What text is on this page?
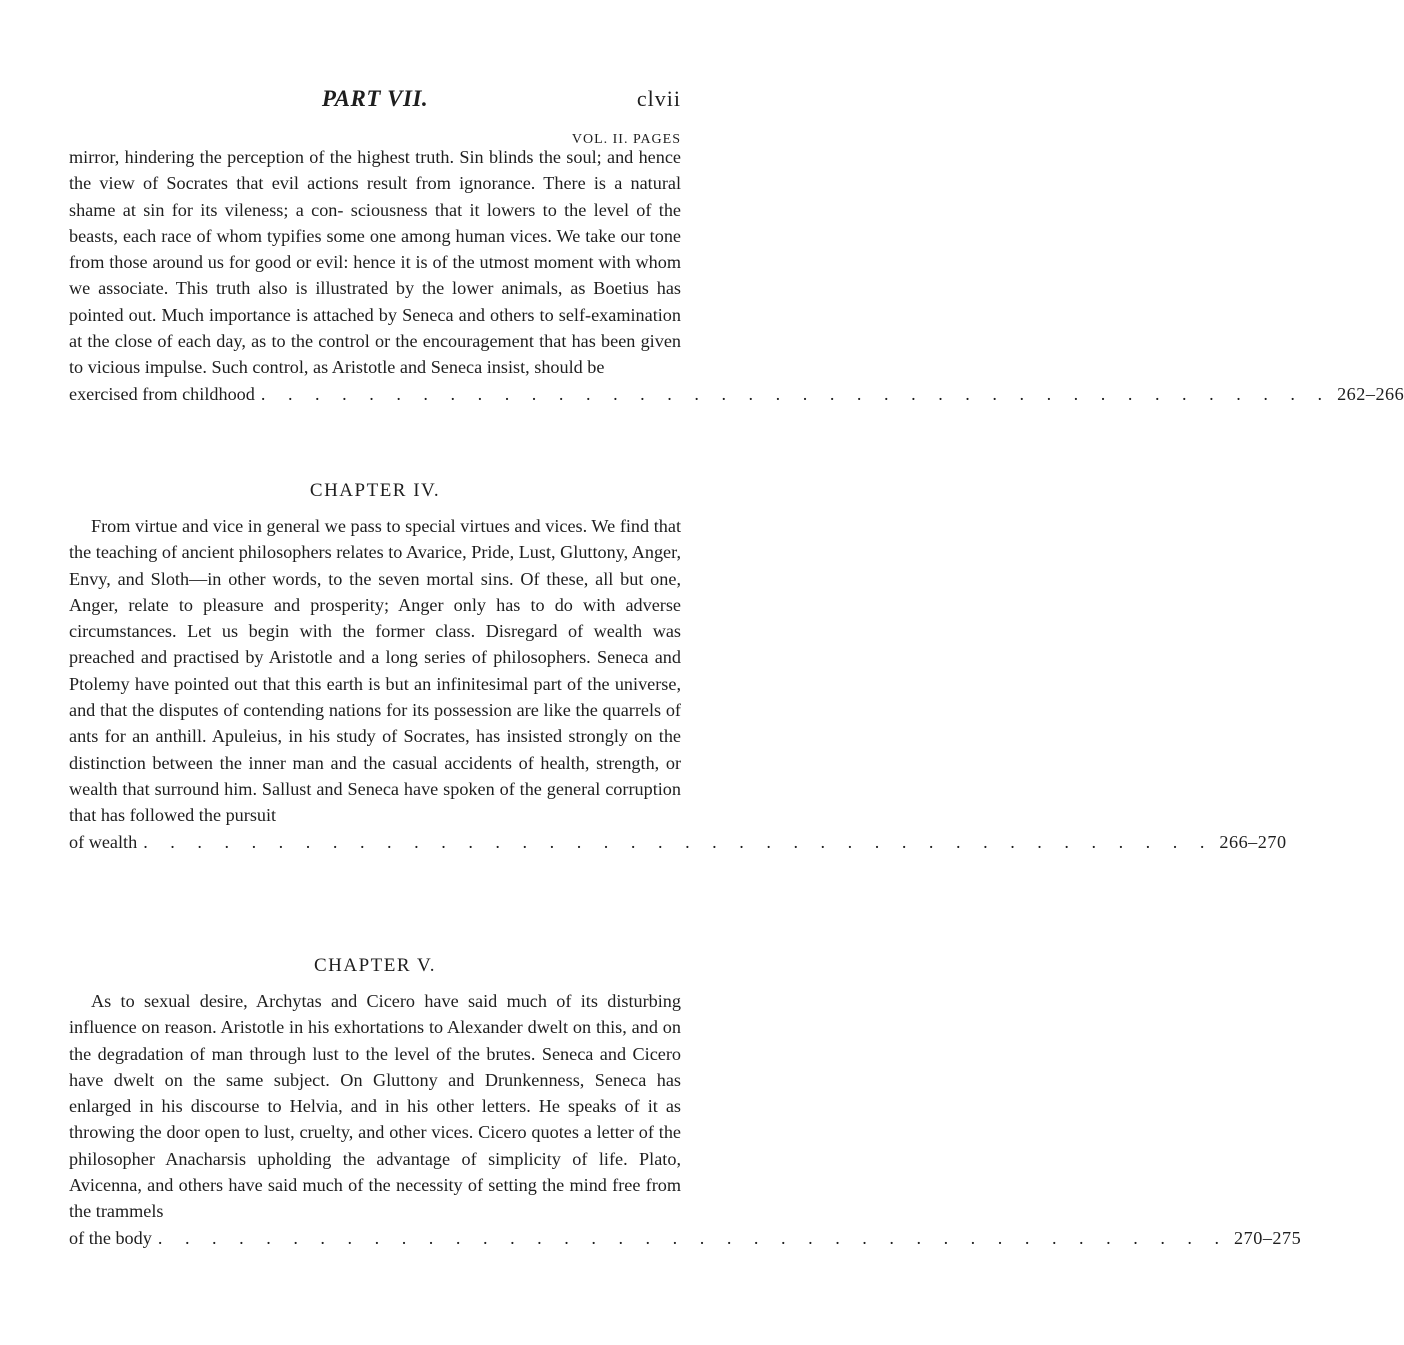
PART VII.	clvii
VOL. II. PAGES

mirror, hindering the perception of the highest truth. Sin blinds the soul; and hence the view of Socrates that evil actions result from ignorance. There is a natural shame at sin for its vileness; a con- sciousness that it lowers to the level of the beasts, each race of whom typifies some one among human vices. We take our tone from those around us for good or evil: hence it is of the utmost moment with whom we associate. This truth also is illustrated by the lower animals, as Boetius has pointed out. Much importance is attached by Seneca and others to self-examination at the close of each day, as to the control or the encouragement that has been given to vicious impulse. Such control, as Aristotle and Seneca insist, should be

exercised from childhood . . . . . . . . . . . . . . . . . . . . . . . . . . . . . . . . . . . . . . . . 262–266
CHAPTER IV.

From virtue and vice in general we pass to special virtues and vices. We find that the teaching of ancient philosophers relates to Avarice, Pride, Lust, Gluttony, Anger, Envy, and Sloth—in other words, to the seven mortal sins. Of these, all but one, Anger, relate to pleasure and prosperity; Anger only has to do with adverse circumstances. Let us begin with the former class. Disregard of wealth was preached and practised by Aristotle and a long series of philosophers. Seneca and Ptolemy have pointed out that this earth is but an infinitesimal part of the universe, and that the disputes of contending nations for its possession are like the quarrels of ants for an anthill. Apuleius, in his study of Socrates, has insisted strongly on the distinction between the inner man and the casual accidents of health, strength, or wealth that surround him. Sallust and Seneca have spoken of the general corruption that has followed the pursuit

of wealth . . . . . . . . . . . . . . . . . . . . . . . . . . . . . . . . . . . . . . . . 266–270
CHAPTER V.

As to sexual desire, Archytas and Cicero have said much of its disturbing influence on reason. Aristotle in his exhortations to Alexander dwelt on this, and on the degradation of man through lust to the level of the brutes. Seneca and Cicero have dwelt on the same subject. On Gluttony and Drunkenness, Seneca has enlarged in his discourse to Helvia, and in his other letters. He speaks of it as throwing the door open to lust, cruelty, and other vices. Cicero quotes a letter of the philosopher Anacharsis upholding the advantage of simplicity of life. Plato, Avicenna, and others have said much of the necessity of setting the mind free from the trammels

of the body . . . . . . . . . . . . . . . . . . . . . . . . . . . . . . . . . . . . . . . . 270–275
